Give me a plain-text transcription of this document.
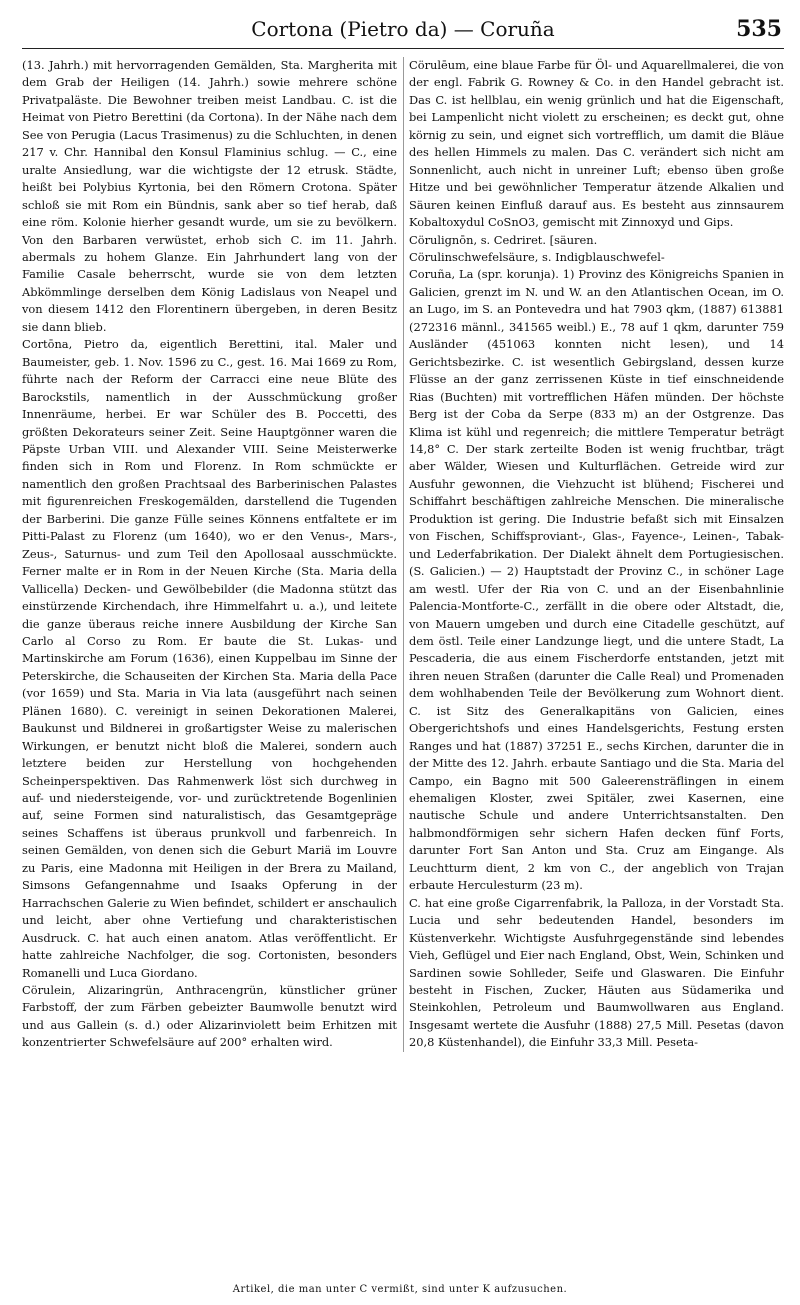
Cortona (Pietro da) — Coruña	535

(13. Jahrh.) mit hervorragenden Gemälden, Sta. Margherita mit dem Grab der Heiligen (14. Jahrh.) sowie mehrere schöne Privatpaläste. Die Bewohner treiben meist Landbau. C. ist die Heimat von Pietro Berettini (da Cortona). In der Nähe nach dem See von Perugia (Lacus Trasimenus) zu die Schluchten, in denen 217 v. Chr. Hannibal den Konsul Flaminius schlug. — C., eine uralte Ansiedlung, war die wichtigste der 12 etrusk. Städte, heißt bei Polybius Kyrtonia, bei den Römern Crotona. Später schloß sie mit Rom ein Bündnis, sank aber so tief herab, daß eine röm. Kolonie hierher gesandt wurde, um sie zu bevölkern. Von den Barbaren verwüstet, erhob sich C. im 11. Jahrh. abermals zu hohem Glanze. Ein Jahrhundert lang von der Familie Casale beherrscht, wurde sie von dem letzten Abkömmlinge derselben dem König Ladislaus von Neapel und von diesem 1412 den Florentinern übergeben, in deren Besitz sie dann blieb.

Cortōna, Pietro da, eigentlich Berettini, ital. Maler und Baumeister, geb. 1. Nov. 1596 zu C., gest. 16. Mai 1669 zu Rom, führte nach der Reform der Carracci eine neue Blüte des Barockstils, namentlich in der Ausschmückung großer Innenräume, herbei. Er war Schüler des B. Poccetti, des größten Dekorateurs seiner Zeit. Seine Hauptgönner waren die Päpste Urban VIII. und Alexander VIII. Seine Meisterwerke finden sich in Rom und Florenz. In Rom schmückte er namentlich den großen Prachtsaal des Barberinischen Palastes mit figurenreichen Freskogemälden, darstellend die Tugenden der Barberini. Die ganze Fülle seines Könnens entfaltete er im Pitti-Palast zu Florenz (um 1640), wo er den Venus-, Mars-, Zeus-, Saturnus- und zum Teil den Apollosaal ausschmückte. Ferner malte er in Rom in der Neuen Kirche (Sta. Maria della Vallicella) Decken- und Gewölbebilder (die Madonna stützt das einstürzende Kirchendach, ihre Himmelfahrt u. a.), und leitete die ganze überaus reiche innere Ausbildung der Kirche San Carlo al Corso zu Rom. Er baute die St. Lukas- und Martinskirche am Forum (1636), einen Kuppelbau im Sinne der Peterskirche, die Schauseiten der Kirchen Sta. Maria della Pace (vor 1659) und Sta. Maria in Via lata (ausgeführt nach seinen Plänen 1680). C. vereinigt in seinen Dekorationen Malerei, Baukunst und Bildnerei in großartigster Weise zu malerischen Wirkungen, er benutzt nicht bloß die Malerei, sondern auch letztere beiden zur Herstellung von hochgehenden Scheinperspektiven. Das Rahmenwerk löst sich durchweg in auf- und niedersteigende, vor- und zurücktretende Bogenlinien auf, seine Formen sind naturalistisch, das Gesamtgepräge seines Schaffens ist überaus prunkvoll und farbenreich. In seinen Gemälden, von denen sich die Geburt Mariä im Louvre zu Paris, eine Madonna mit Heiligen in der Brera zu Mailand, Simsons Gefangennahme und Isaaks Opferung in der Harrachschen Galerie zu Wien befindet, schildert er anschaulich und leicht, aber ohne Vertiefung und charakteristischen Ausdruck. C. hat auch einen anatom. Atlas veröffentlicht. Er hatte zahlreiche Nachfolger, die sog. Cortonisten, besonders Romanelli und Luca Giordano.

Cörulein, Alizaringrün, Anthracengrün, künstlicher grüner Farbstoff, der zum Färben gebeizter Baumwolle benutzt wird und aus Gallein (s. d.) oder Alizarinviolett beim Erhitzen mit konzentrierter Schwefelsäure auf 200° erhalten wird.

Cörulēum, eine blaue Farbe für Öl- und Aquarellmalerei, die von der engl. Fabrik G. Rowney & Co. in den Handel gebracht ist. Das C. ist hellblau, ein wenig grünlich und hat die Eigenschaft, bei Lampenlicht nicht violett zu erscheinen; es deckt gut, ohne körnig zu sein, und eignet sich vortrefflich, um damit die Bläue des hellen Himmels zu malen. Das C. verändert sich nicht am Sonnenlicht, auch nicht in unreiner Luft; ebenso üben große Hitze und bei gewöhnlicher Temperatur ätzende Alkalien und Säuren keinen Einfluß darauf aus. Es besteht aus zinnsaurem Kobaltoxydul CoSnO3, gemischt mit Zinnoxyd und Gips.

Cörulignōn, s. Cedriret. [säuren.

Cörulinschwefelsäure, s. Indigblauschwefel-

Coruña, La (spr. korunja). 1) Provinz des Königreichs Spanien in Galicien, grenzt im N. und W. an den Atlantischen Ocean, im O. an Lugo, im S. an Pontevedra und hat 7903 qkm, (1887) 613881 (272316 männl., 341565 weibl.) E., 78 auf 1 qkm, darunter 759 Ausländer (451063 konnten nicht lesen), und 14 Gerichtsbezirke. C. ist wesentlich Gebirgsland, dessen kurze Flüsse an der ganz zerrissenen Küste in tief einschneidende Rias (Buchten) mit vortrefflichen Häfen münden. Der höchste Berg ist der Coba da Serpe (833 m) an der Ostgrenze. Das Klima ist kühl und regenreich; die mittlere Temperatur beträgt 14,8° C. Der stark zerteilte Boden ist wenig fruchtbar, trägt aber Wälder, Wiesen und Kulturflächen. Getreide wird zur Ausfuhr gewonnen, die Viehzucht ist blühend; Fischerei und Schiffahrt beschäftigen zahlreiche Menschen. Die mineralische Produktion ist gering. Die Industrie befaßt sich mit Einsalzen von Fischen, Schiffsproviant-, Glas-, Fayence-, Leinen-, Tabak- und Lederfabrikation. Der Dialekt ähnelt dem Portugiesischen. (S. Galicien.) — 2) Hauptstadt der Provinz C., in schöner Lage am westl. Ufer der Ria von C. und an der Eisenbahnlinie Palencia-Montforte-C., zerfällt in die obere oder Altstadt, die, von Mauern umgeben und durch eine Citadelle geschützt, auf dem östl. Teile einer Landzunge liegt, und die untere Stadt, La Pescaderia, die aus einem Fischerdorfe entstanden, jetzt mit ihren neuen Straßen (darunter die Calle Real) und Promenaden dem wohlhabenden Teile der Bevölkerung zum Wohnort dient. C. ist Sitz des Generalkapitäns von Galicien, eines Obergerichtshofs und eines Handelsgerichts, Festung ersten Ranges und hat (1887) 37251 E., sechs Kirchen, darunter die in der Mitte des 12. Jahrh. erbaute Santiago und die Sta. Maria del Campo, ein Bagno mit 500 Galeerensträflingen in einem ehemaligen Kloster, zwei Spitäler, zwei Kasernen, eine nautische Schule und andere Unterrichtsanstalten. Den halbmondförmigen sehr sichern Hafen decken fünf Forts, darunter Fort San Anton und Sta. Cruz am Eingange. Als Leuchtturm dient, 2 km von C., der angeblich von Trajan erbaute Herculesturm (23 m).

C. hat eine große Cigarrenfabrik, la Palloza, in der Vorstadt Sta. Lucia und sehr bedeutenden Handel, besonders im Küstenverkehr. Wichtigste Ausfuhrgegenstände sind lebendes Vieh, Geflügel und Eier nach England, Obst, Wein, Schinken und Sardinen sowie Sohlleder, Seife und Glaswaren. Die Einfuhr besteht in Fischen, Zucker, Häuten aus Südamerika und Steinkohlen, Petroleum und Baumwollwaren aus England. Insgesamt wertete die Ausfuhr (1888) 27,5 Mill. Pesetas (davon 20,8 Küstenhandel), die Einfuhr 33,3 Mill. Peseta-

Artikel, die man unter C vermißt, sind unter K aufzusuchen.
